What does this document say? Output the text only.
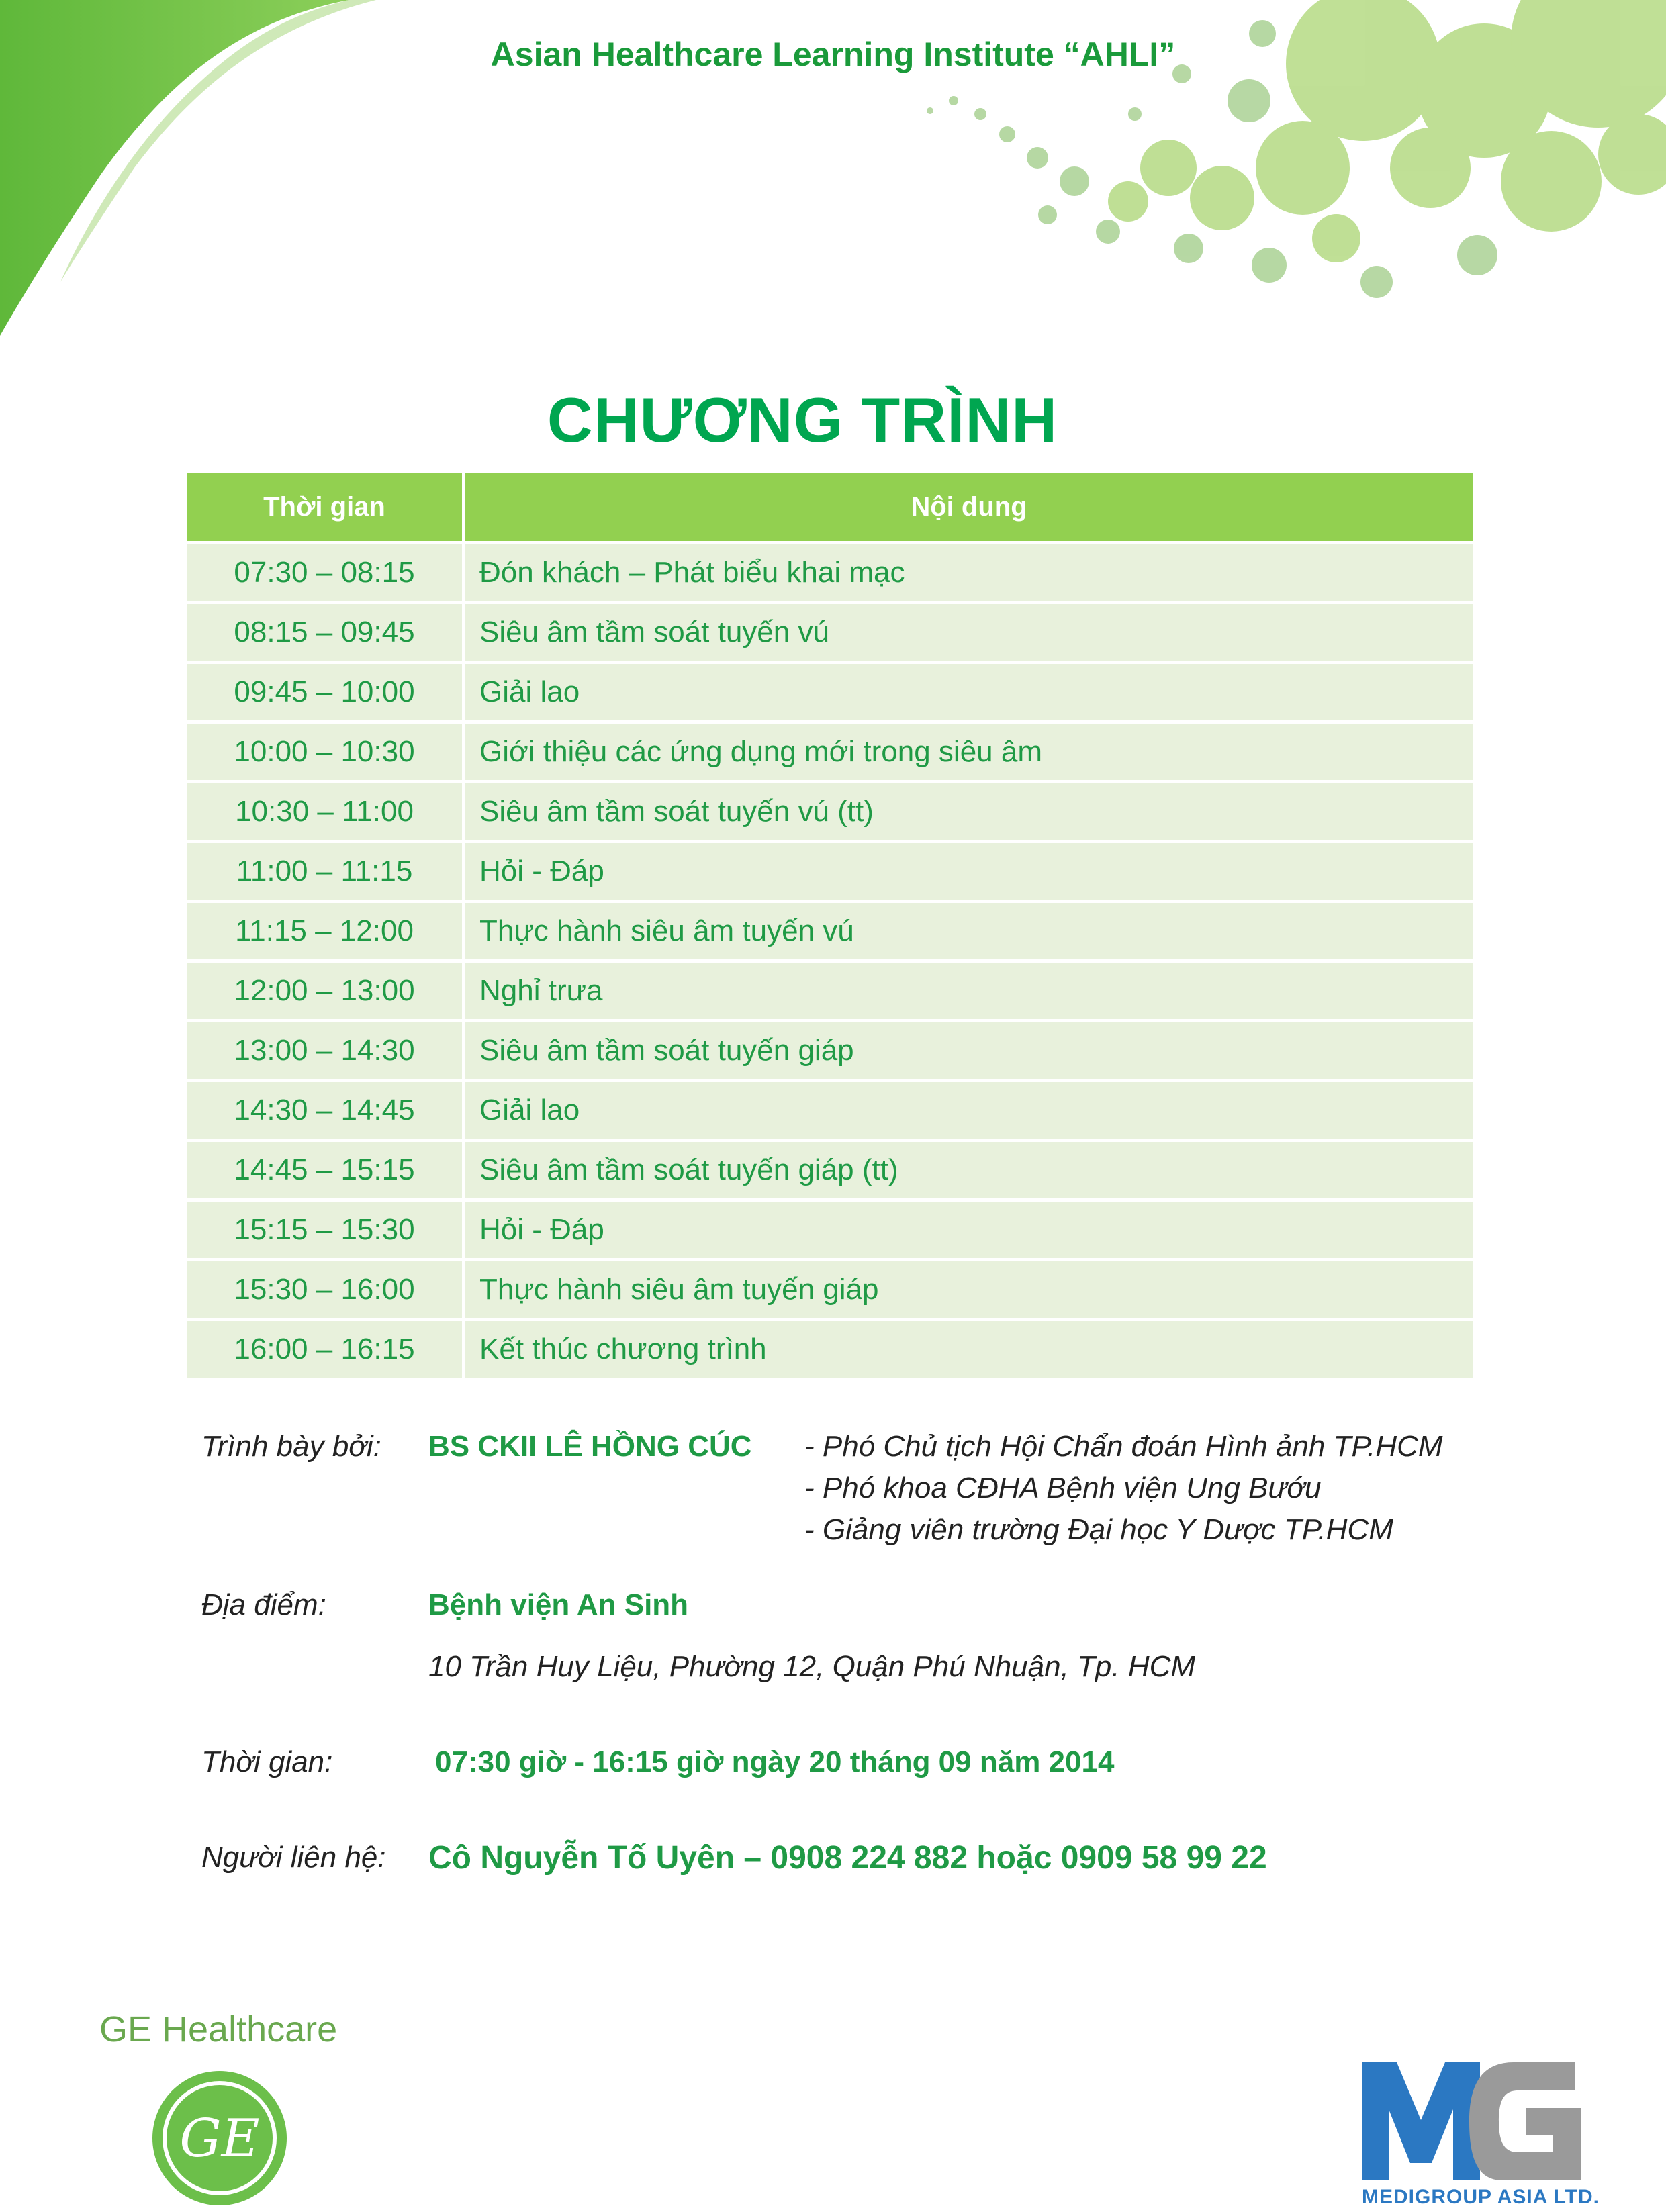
Asian Healthcare Learning Institute “AHLI”
CHƯƠNG TRÌNH
Thời gian	Nội dung
07:30 – 08:15	Đón khách – Phát biểu khai mạc
08:15 – 09:45	Siêu âm tầm soát tuyến vú
09:45 – 10:00	Giải lao
10:00 – 10:30	Giới thiệu các ứng dụng mới trong siêu âm
10:30 – 11:00	Siêu âm tầm soát tuyến vú (tt)
11:00 – 11:15	Hỏi - Đáp
11:15 – 12:00	Thực hành siêu âm tuyến vú
12:00 – 13:00	Nghỉ trưa
13:00 – 14:30	Siêu âm tầm soát tuyến giáp
14:30 – 14:45	Giải lao
14:45 – 15:15	Siêu âm tầm soát tuyến giáp (tt)
15:15 – 15:30	Hỏi - Đáp
15:30 – 16:00	Thực hành siêu âm tuyến giáp
16:00 – 16:15	Kết thúc chương trình
Trình bày bởi: BS CKII LÊ HỒNG CÚC - Phó Chủ tịch Hội Chẩn đoán Hình ảnh TP.HCM
- Phó khoa CĐHA Bệnh viện Ung Bướu
- Giảng viên trường Đại học Y Dược TP.HCM
Địa điểm:	Bệnh viện An Sinh
10 Trần Huy Liệu, Phường 12, Quận Phú Nhuận, Tp. HCM
Thời gian:	07:30 giờ - 16:15 giờ ngày 20 tháng 09 năm 2014
Người liên hệ: Cô Nguyễn Tố Uyên – 0908 224 882 hoặc 0909 58 99 22
GE Healthcare
GE
MEDIGROUP ASIA LTD.
